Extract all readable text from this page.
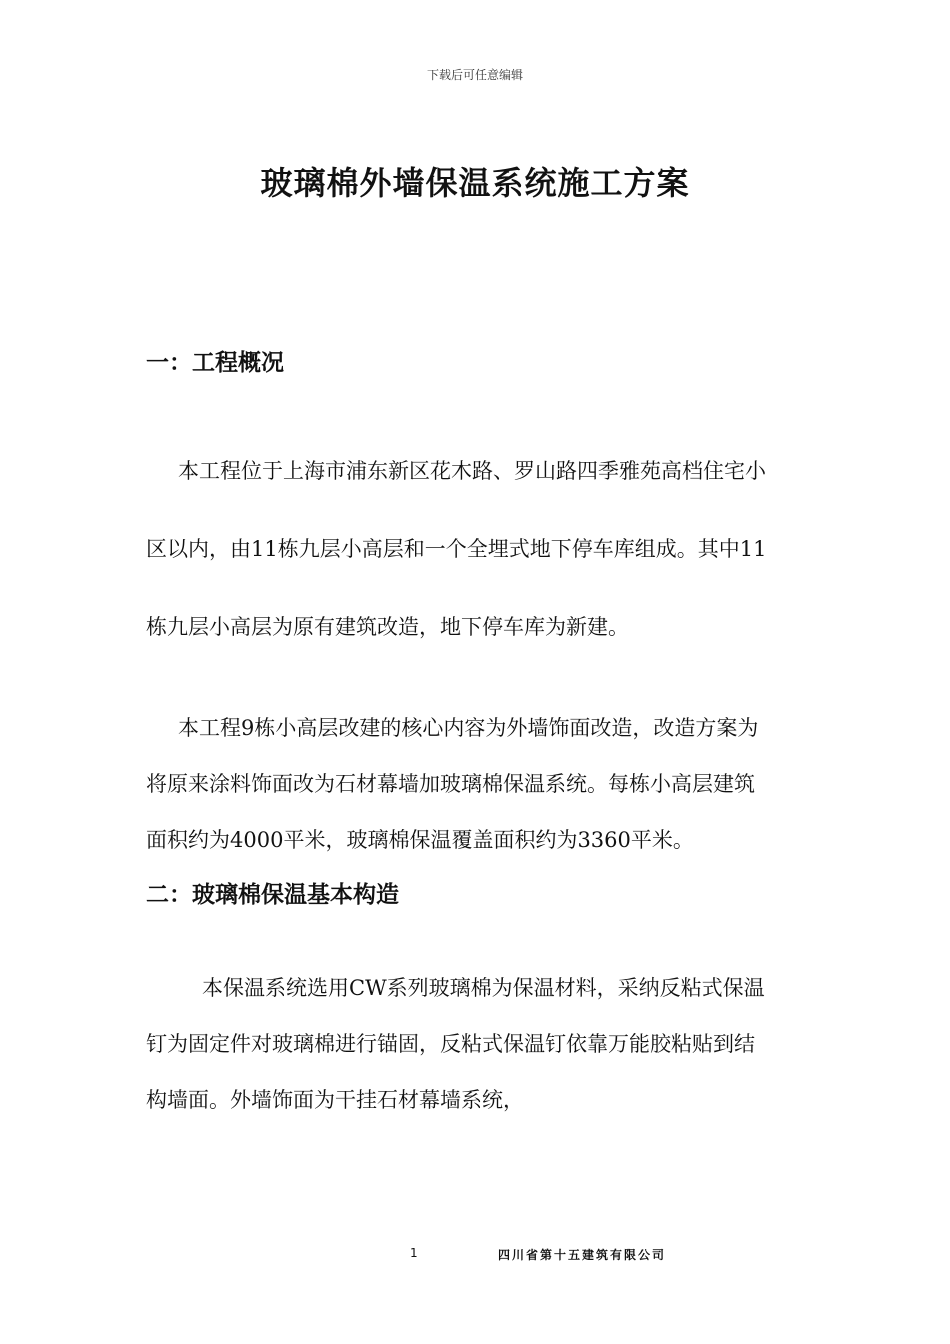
下载后可任意编辑
玻璃棉外墙保温系统施工方案
一：工程概况
本工程位于上海市浦东新区花木路、罗山路四季雅苑高档住宅小
区以内，由11栋九层小高层和一个全埋式地下停车库组成。其中11
栋九层小高层为原有建筑改造，地下停车库为新建。
本工程9栋小高层改建的核心内容为外墙饰面改造，改造方案为
将原来涂料饰面改为石材幕墙加玻璃棉保温系统。每栋小高层建筑
面积约为4000平米，玻璃棉保温覆盖面积约为3360平米。
二：玻璃棉保温基本构造
本保温系统选用CW系列玻璃棉为保温材料，采纳反粘式保温
钉为固定件对玻璃棉进行锚固，反粘式保温钉依靠万能胶粘贴到结
构墙面。外墙饰面为干挂石材幕墙系统，
1	四川省第十五建筑有限公司
